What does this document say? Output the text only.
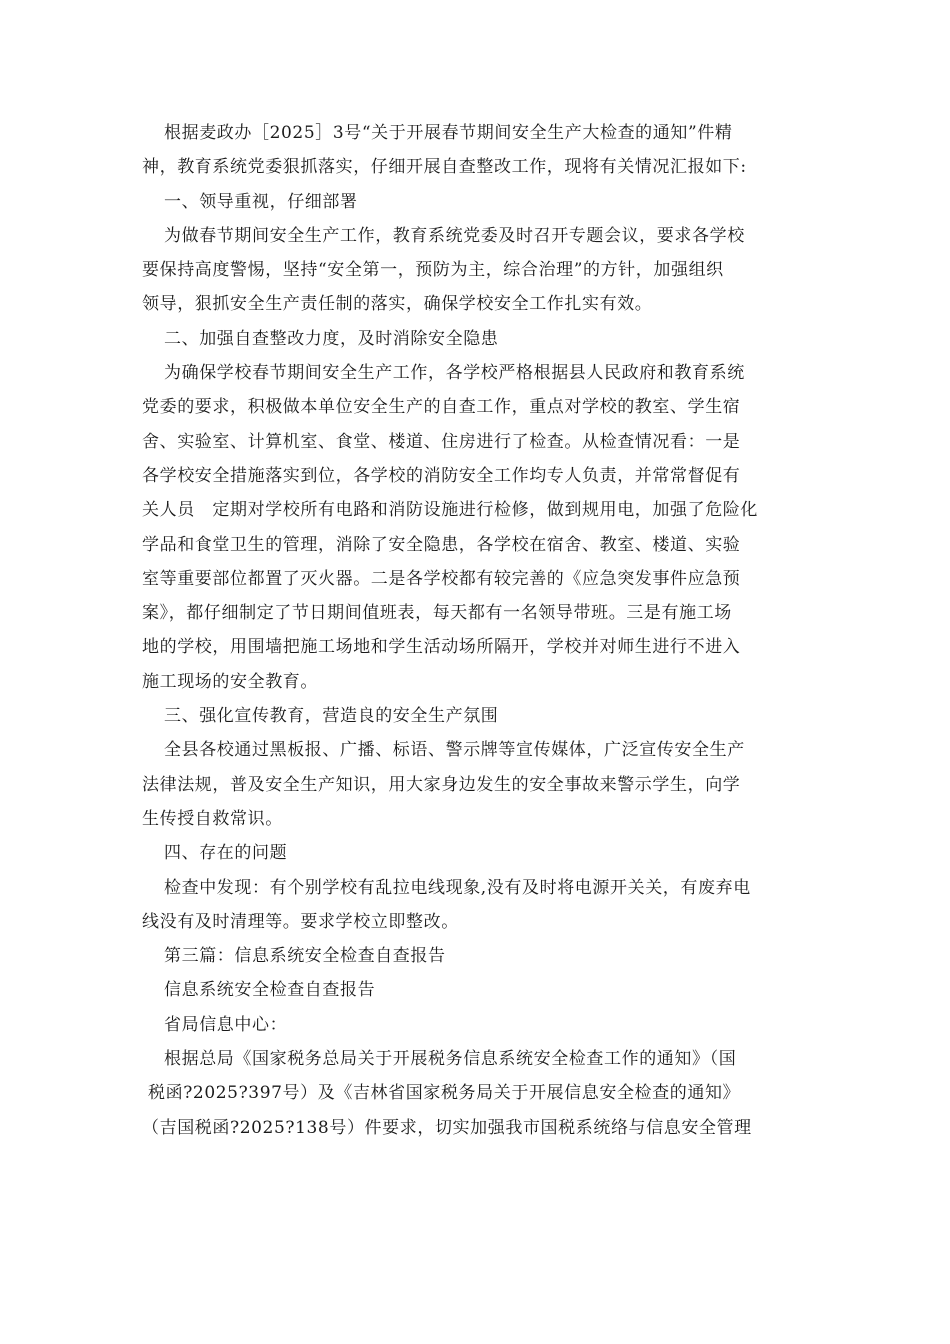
根据麦政办［2025］3号“关于开展春节期间安全生产大检查的通知”件精
神，教育系统党委狠抓落实，仔细开展自查整改工作，现将有关情况汇报如下:
一、领导重视，仔细部署
为做春节期间安全生产工作，教育系统党委及时召开专题会议，要求各学校
要保持高度警惕，坚持“安全第一，预防为主，综合治理”的方针，加强组织
领导，狠抓安全生产责任制的落实，确保学校安全工作扎实有效。
二、加强自查整改力度，及时消除安全隐患
为确保学校春节期间安全生产工作，各学校严格根据县人民政府和教育系统
党委的要求，积极做本单位安全生产的自查工作，重点对学校的教室、学生宿
舍、实验室、计算机室、食堂、楼道、住房进行了检查。从检查情况看：一是
各学校安全措施落实到位，各学校的消防安全工作均专人负责，并常常督促有
关人员　定期对学校所有电路和消防设施进行检修，做到规用电，加强了危险化
学品和食堂卫生的管理，消除了安全隐患，各学校在宿舍、教室、楼道、实验
室等重要部位都置了灭火器。二是各学校都有较完善的《应急突发事件应急预
案》，都仔细制定了节日期间值班表，每天都有一名领导带班。三是有施工场
地的学校，用围墙把施工场地和学生活动场所隔开，学校并对师生进行不进入
施工现场的安全教育。
三、强化宣传教育，营造良的安全生产氛围
全县各校通过黑板报、广播、标语、警示牌等宣传媒体，广泛宣传安全生产
法律法规，普及安全生产知识，用大家身边发生的安全事故来警示学生，向学
生传授自救常识。
四、存在的问题
检查中发现：有个别学校有乱拉电线现象,没有及时将电源开关关，有废弃电
线没有及时清理等。要求学校立即整改。
第三篇：信息系统安全检查自查报告
信息系统安全检查自查报告
省局信息中心：
根据总局《国家税务总局关于开展税务信息系统安全检查工作的通知》（国
税函?2025?397号）及《吉林省国家税务局关于开展信息安全检查的通知》
（吉国税函?2025?138号）件要求，切实加强我市国税系统络与信息安全管理
